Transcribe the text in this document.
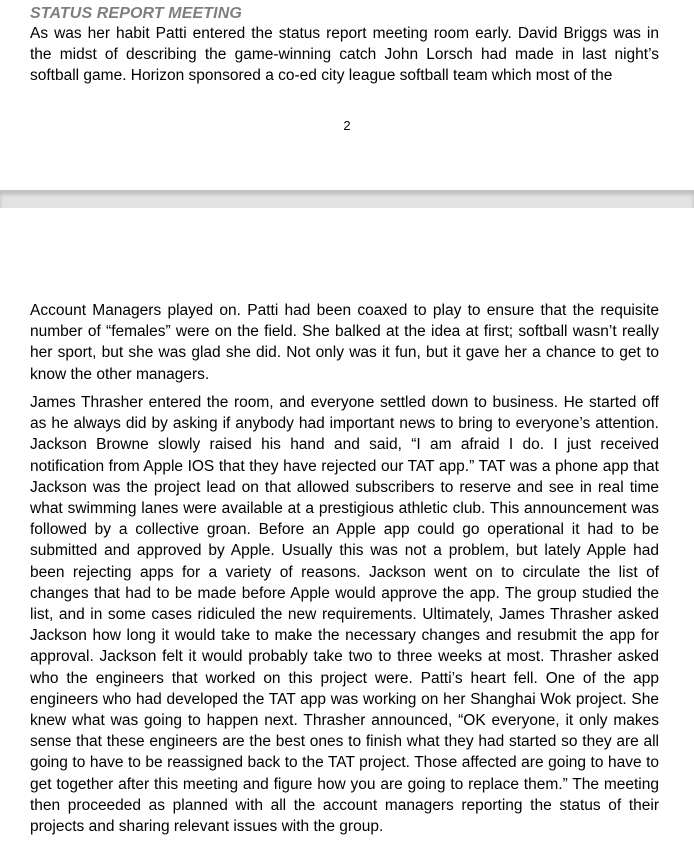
STATUS REPORT MEETING

As was her habit Patti entered the status report meeting room early. David Briggs was in the midst of describing the game-winning catch John Lorsch had made in last night’s softball game. Horizon sponsored a co-ed city league softball team which most of the

2

Account Managers played on. Patti had been coaxed to play to ensure that the requisite number of “females” were on the field. She balked at the idea at first; softball wasn’t really her sport, but she was glad she did. Not only was it fun, but it gave her a chance to get to know the other managers.

James Thrasher entered the room, and everyone settled down to business. He started off as he always did by asking if anybody had important news to bring to everyone’s attention. Jackson Browne slowly raised his hand and said, “I am afraid I do. I just received notification from Apple IOS that they have rejected our TAT app.” TAT was a phone app that Jackson was the project lead on that allowed subscribers to reserve and see in real time what swimming lanes were available at a prestigious athletic club. This announcement was followed by a collective groan. Before an Apple app could go operational it had to be submitted and approved by Apple. Usually this was not a problem, but lately Apple had been rejecting apps for a variety of reasons. Jackson went on to circulate the list of changes that had to be made before Apple would approve the app. The group studied the list, and in some cases ridiculed the new requirements. Ultimately, James Thrasher asked Jackson how long it would take to make the necessary changes and resubmit the app for approval. Jackson felt it would probably take two to three weeks at most. Thrasher asked who the engineers that worked on this project were. Patti’s heart fell. One of the app engineers who had developed the TAT app was working on her Shanghai Wok project. She knew what was going to happen next. Thrasher announced, “OK everyone, it only makes sense that these engineers are the best ones to finish what they had started so they are all going to have to be reassigned back to the TAT project. Those affected are going to have to get together after this meeting and figure how you are going to replace them.” The meeting then proceeded as planned with all the account managers reporting the status of their projects and sharing relevant issues with the group.
